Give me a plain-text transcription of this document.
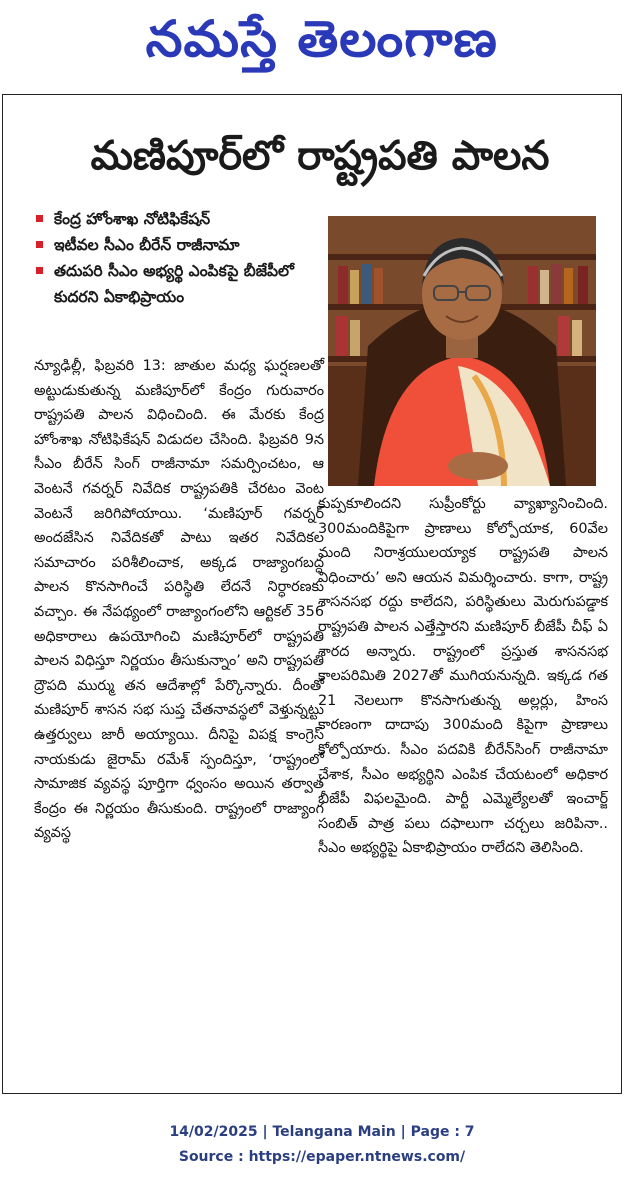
నమస్తే తెలంగాణ
మణిపూర్‌లో రాష్ట్రపతి పాలన
కేంద్ర హోంశాఖ నోటిఫికేషన్
ఇటీవల సీఎం బీరేన్ రాజీనామా
తదుపరి సీఎం అభ్యర్థి ఎంపికపై బీజేపీలో కుదరని ఏకాభిప్రాయం

న్యూఢిల్లీ, ఫిబ్రవరి 13: జాతుల మధ్య ఘర్షణలతో అట్టుడుకుతున్న మణిపూర్‌లో కేంద్రం గురువారం రాష్ట్రపతి పాలన విధించింది. ఈ మేరకు కేంద్ర హోంశాఖ నోటిఫికేషన్ విడుదల చేసింది. ఫిబ్రవరి 9న సీఎం బీరేన్ సింగ్ రాజీనామా సమర్పించటం, ఆ వెంటనే గవర్నర్ నివేదిక రాష్ట్రపతికి చేరటం వెంట వెంటనే జరిగిపోయాయి. ‘మణిపూర్ గవర్నర్ అందజేసిన నివేదికతో పాటు ఇతర నివేదికల సమాచారం పరిశీలించాక, అక్కడ రాజ్యాంగబద్ధ పాలన కొనసాగించే పరిస్థితి లేదనే నిర్ధారణకు వచ్చాం. ఈ నేపథ్యంలో రాజ్యాంగంలోని ఆర్టికల్ 356 అధికారాలు ఉపయోగించి మణిపూర్‌లో రాష్ట్రపతి పాలన విధిస్తూ నిర్ణయం తీసుకున్నాం’ అని రాష్ట్రపతి ద్రౌపది ముర్ము తన ఆదేశాల్లో పేర్కొన్నారు. దీంతో మణిపూర్ శాసన సభ సుప్త చేతనావస్థలో వెళ్తున్నట్టు ఉత్తర్వులు జారీ అయ్యాయి. దీనిపై విపక్ష కాంగ్రెస్ నాయకుడు జైరామ్ రమేశ్ స్పందిస్తూ, ‘రాష్ట్రంలో సామాజిక వ్యవస్థ పూర్తిగా ధ్వంసం అయిన తర్వాత కేంద్రం ఈ నిర్ణయం తీసుకుంది. రాష్ట్రంలో రాజ్యాంగ వ్యవస్థ

కుప్పకూలిందని సుప్రీంకోర్టు వ్యాఖ్యానించింది. 300మందికిపైగా ప్రాణాలు కోల్పోయాక, 60వేల మంది నిరాశ్రయులయ్యాక రాష్ట్రపతి పాలన విధించారు’ అని ఆయన విమర్శించారు. కాగా, రాష్ట్ర శాసనసభ రద్దు కాలేదని, పరిస్థితులు మెరుగుపడ్డాక రాష్ట్రపతి పాలన ఎత్తేస్తారని మణిపూర్ బీజేపీ చీఫ్ ఏ శారద అన్నారు. రాష్ట్రంలో ప్రస్తుత శాసనసభ కాలపరిమితి 2027తో ముగియనున్నది. ఇక్కడ గత 21 నెలలుగా కొనసాగుతున్న అల్లర్లు, హింస కారణంగా దాదాపు 300మంది కిపైగా ప్రాణాలు కోల్పోయారు. సీఎం పదవికి బీరేన్‌సింగ్ రాజీనామా చేశాక, సీఎం అభ్యర్థిని ఎంపిక చేయటంలో అధికార బీజేపీ విఫలమైంది. పార్టీ ఎమ్మెల్యేలతో ఇంచార్జ్ సంబిత్ పాత్ర పలు దఫాలుగా చర్చలు జరిపినా.. సీఎం అభ్యర్థిపై ఏకాభిప్రాయం రాలేదని తెలిసింది.

14/02/2025 | Telangana Main | Page : 7
Source : https://epaper.ntnews.com/
